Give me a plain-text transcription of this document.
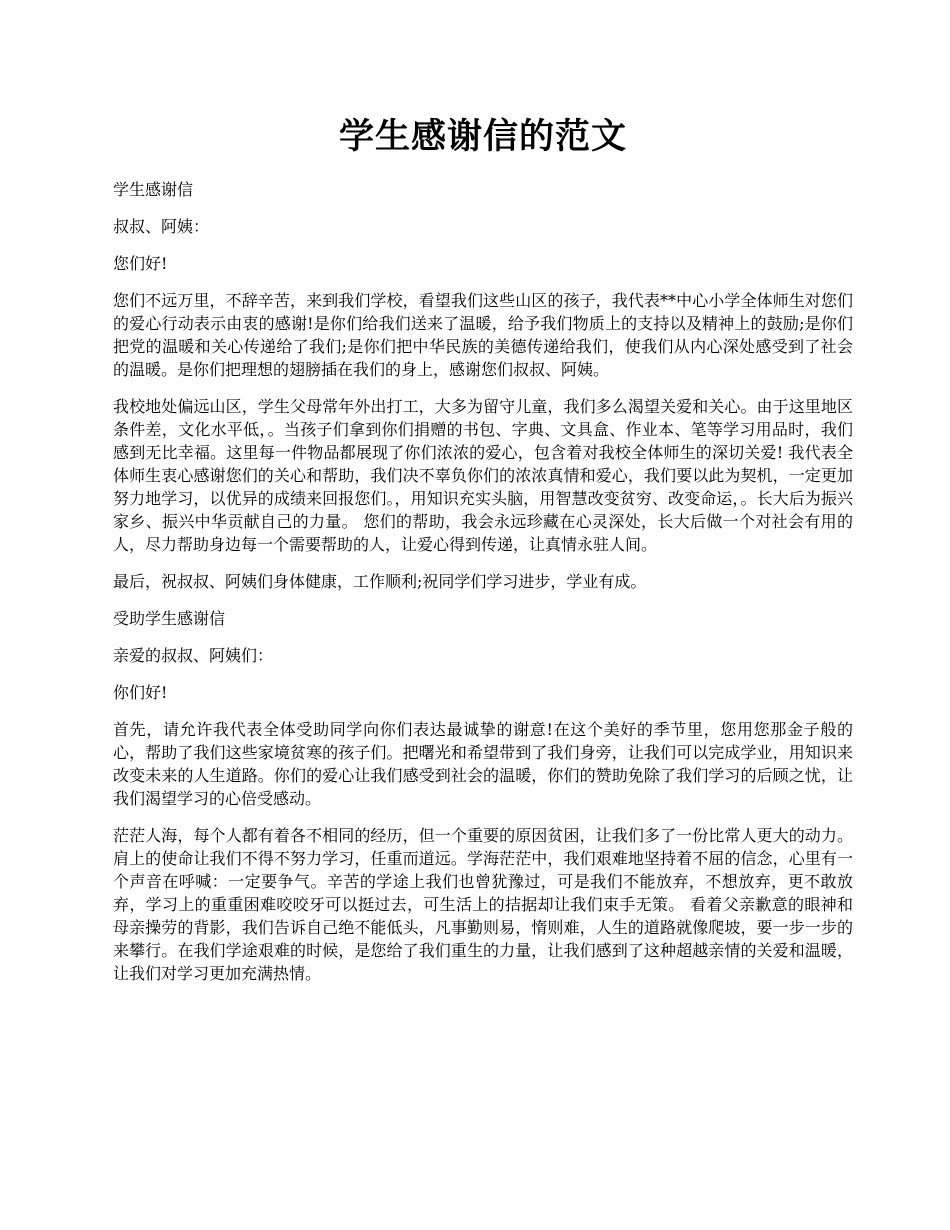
学生感谢信的范文

学生感谢信

叔叔、阿姨：

您们好!

您们不远万里，不辞辛苦，来到我们学校，看望我们这些山区的孩子，我代表**中心小学全体师生对您们的爱心行动表示由衷的感谢!是你们给我们送来了温暖，给予我们物质上的支持以及精神上的鼓励;是你们把党的温暖和关心传递给了我们;是你们把中华民族的美德传递给我们，使我们从内心深处感受到了社会的温暖。是你们把理想的翅膀插在我们的身上，感谢您们叔叔、阿姨。

我校地处偏远山区，学生父母常年外出打工，大多为留守儿童，我们多么渴望关爱和关心。由于这里地区条件差，文化水平低，。当孩子们拿到你们捐赠的书包、字典、文具盒、作业本、笔等学习用品时，我们感到无比幸福。这里每一件物品都展现了你们浓浓的爱心，包含着对我校全体师生的深切关爱! 我代表全体师生衷心感谢您们的关心和帮助，我们决不辜负你们的浓浓真情和爱心，我们要以此为契机，一定更加努力地学习，以优异的成绩来回报您们。，用知识充实头脑，用智慧改变贫穷、改变命运，。长大后为振兴家乡、振兴中华贡献自己的力量。 您们的帮助，我会永远珍藏在心灵深处，长大后做一个对社会有用的人，尽力帮助身边每一个需要帮助的人，让爱心得到传递，让真情永驻人间。

最后，祝叔叔、阿姨们身体健康，工作顺利;祝同学们学习进步，学业有成。

受助学生感谢信

亲爱的叔叔、阿姨们：

你们好!

首先，请允许我代表全体受助同学向你们表达最诚挚的谢意!在这个美好的季节里，您用您那金子般的心，帮助了我们这些家境贫寒的孩子们。把曙光和希望带到了我们身旁，让我们可以完成学业，用知识来改变未来的人生道路。你们的爱心让我们感受到社会的温暖，你们的赞助免除了我们学习的后顾之忧，让我们渴望学习的心倍受感动。

茫茫人海，每个人都有着各不相同的经历，但一个重要的原因贫困，让我们多了一份比常人更大的动力。肩上的使命让我们不得不努力学习，任重而道远。学海茫茫中，我们艰难地坚持着不屈的信念，心里有一个声音在呼喊：一定要争气。辛苦的学途上我们也曾犹豫过，可是我们不能放弃，不想放弃，更不敢放弃，学习上的重重困难咬咬牙可以挺过去，可生活上的拮据却让我们束手无策。 看着父亲歉意的眼神和母亲操劳的背影，我们告诉自己绝不能低头，凡事勤则易，惰则难，人生的道路就像爬坡，要一步一步的来攀行。在我们学途艰难的时候，是您给了我们重生的力量，让我们感到了这种超越亲情的关爱和温暖，让我们对学习更加充满热情。
